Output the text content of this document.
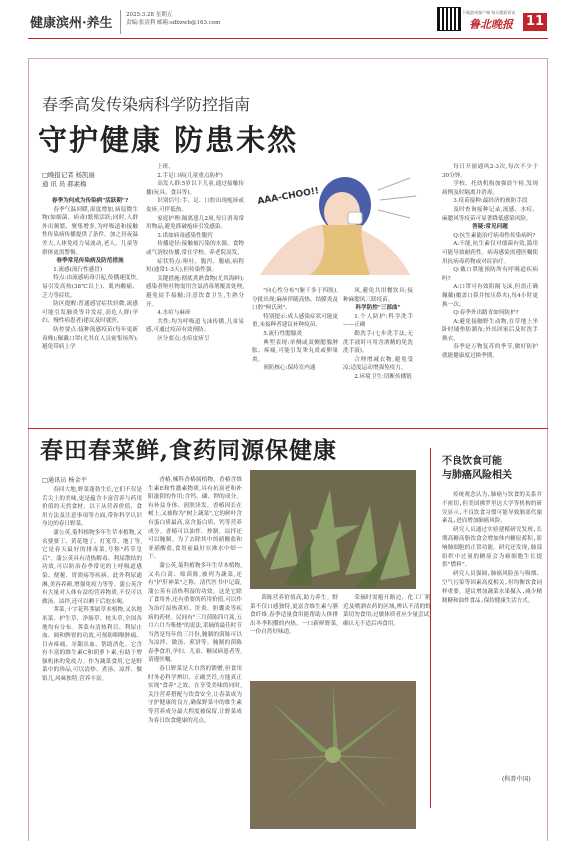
健康滨州·养生
2025.3.28 星期五
责编:张清利 邮箱:sdbzwb@163.com
下载滨州客户端 每天精彩资讯
鲁北晚报 11
春季高发传染病科学防控指南
守护健康 防患未然
□晚报记者 杨凯丽
通 讯 员 郝素梅

春季为何成为传染病"活跃期"?

春季气温回暖,湿度增加,病原微生物(如细菌、病毒)繁殖活跃;同时,人群外出频繁、聚集增多,为呼吸道和接触性传染病传播提供了条件。加之昼夜温差大,人体免疫力易波动,老人、儿童等群体更需警惕。

春季常见传染病及防范措施

1.流感(流行性感冒)

特点:由流感病毒引起,传播速度快,易引发高热(38℃以上)、肌肉酸痛、乏力等症状。

防区提醒:普通感冒症状轻微,流感可能引发肺炎等并发症,高危人群(孕妇、慢性病患者)建议及时就医。

防控要点:接种流感疫苗(每年更新毒株);佩戴口罩(尤其在人员密集场所);避免带病上学

上班。

2.手足口病(儿童重点防护)

高发人群:5岁以下儿童,通过接触传播(玩具、食具等)。

识别信号:手、足、口腔出现疱疹或皮疹,可伴低热。

家庭护理:隔离患儿2周,每日消毒常用物品,避免抓破疱疹引发感染。

3.诺如病毒感染性腹泻

传播途径:接触被污染的水源、食物或气溶胶传播,常在学校、养老院高发。

症状特点:呕吐、腹泻、腹痛,病程短(通常1-3天),但传染性强。

关键措施:彻底煮熟食物(尤其海鲜);感染者呕吐物需用含氯消毒剂覆盖处理,避免徒手接触;注意饮食卫生,生熟分开。

4.水痘与麻疹

共性:均为呼吸道飞沫传播,儿童易感,可通过疫苗有效预防。

区分要点:水痘皮疹呈

AAA-CHOO!!

"向心性分布"(躯干多于四肢),分批出现;麻疹伴随高热、结膜炎及口腔"柯氏斑"。

特别提示:成人感染症状可能更重,未接种者建议补种疫苗。

5.流行性腮腺炎

典型表现:单侧或双侧腮腺肿胀、疼痛,可能引发睾丸炎或卵巢炎。

预防核心:保持室内通

风,避免共用餐饮具;接种麻腮风三联疫苗。

科学防控"三部曲"

1.个人防护:科学洗手——正确

勤洗手(七步洗手法,无洗手液时可用含酒精的免洗洗手液)。

合理增减衣物,避免受凉;适度运动增强免疫力。

2.环境卫生:切断传播链

每日开窗通风2-3次,每次不少于30分钟。

学校、托幼机构加强晨午检,发现病例及时隔离并消毒。

3.疫苗接种:最经济的预防手段

及时查询接种记录,流感、水痘、麻腮风等疫苗可显著降低感染风险。

答疑:常见问题

Q:抗生素能治疗病毒性传染病吗?

A:不能,抗生素仅对细菌有效,滥用可能导致耐药性。病毒感染需遵医嘱使用抗病毒药物或对症治疗。

Q:戴口罩能预防所有呼吸道疾病吗?

A:口罩可有效阻隔飞沫,但需正确佩戴(覆盖口鼻并按压鼻夹),每4小时更换一次。

Q:春季外出踏青如何防护?

A:避免接触野生动物,在草地上坐卧时铺垫防潮布;外出回家后及时洗手换衣。

春季是万物复苏的季节,做好防护就能健康度过换季期。

春田春菜鲜,食药同源保健康
□通讯员 杨金平

春回大地,野菜蓬勃生长,它们不仅是舌尖上的美味,更是蕴含丰富营养与药用价值的天然食材。以下从营养价值、食用方法及注意事项等方面,带你科学认识身边的春日野菜。

蒲公英,菊科植物多年生草本植物,又名婆婆丁、黄花地丁、灯笼草、地丁等,它是春天最好的排毒菜,号称"药草皇后"。蒲公英具有清热解毒、利尿散结的功效,可以防治春季常见的上呼吸道感染、便秘、胃溃疡等疾病。此外利尿通淋,美容养颜,增强免疫力等等。蒲公英含有大量对人体有益的营养物质,不仅可以做汤、凉拌,还可以晒干后泡水喝。

荠菜,十字花科荠属草本植物,又名地米菜、护生草、净肠草、枕头草,全国各地均有分布。荠菜有清热利目、利尿止血、调和脾胃的功效,可预防咽喉肿痛、目赤疼痛、牙龈出血、帮助消化。它含有丰富的维生素C和胡萝卜素,有助于增强机体的免疫力。作为蔬菜食用,它是野菜中的珍品,可以清炒、煮汤、凉拌、做馅儿,风味独特,营养丰富。

香椿,楝科香椿属植物。香椿含维生素E和性激素物质,具有抗衰老和补阳滋阴的作用;含钙、磷、钾的成分。有补益身体、润肤泽发、香椿因长在树上,又被称为"树上蔬菜",它的鲜叶含有蛋白质最高,富含蛋白质、钙等营养成分。香椿可以油炸、炒制、凉拌还可以腌制。为了去除其中的硝酸盐和亚硝酸盐,食用前最好在沸水中焯一下。

蒲公英,菊科植物多年生草本植物,又名白蒿、绵茵陈,被列为蔬菜,还有"护肝神菜"之称。清代医书中记载,蒲公英有清热利湿的功效。这是它除了食用外,还有重要的药用价值,可以作为治疗湿热黄疸、肝炎、胆囊炎等疾病的药材。民间有"三月茵陈四月蒿,五月六月当柴烧"的说法,采摘的最佳时节当然是每年的三月份,腌制的茵陈可以为凉拌、做汤、煎饼等。腌制的茵陈春季食用,孕妇、儿童、糖尿病患者等,请遵医嘱。

春日野菜是大自然的馈赠,但食用时务必科学辨识、正确烹饪,方能真正实现"食养"之效。在享受美味的同时,关注营养搭配与饮食安全,让春菜成为守护健康的良方,确保野菜中的维生素等营养成分最大程度被保留,让野菜成为春日饮食健康的亮点。

茵陈营养价值高,助力养生。野菜不仅口感独特,更富含维生素与膳食纤维,春季适量食用能帮助人体排出冬季积攒的内热。一口新鲜野菜,一份自然好味道。

采摘时需避开路边、化工厂附近及喷洒农药的区域,辨认不清的野菜切勿食用;过敏体质者应少量尝试,确认无不适后再食用。

不良饮食可能
与肺癌风险相关

传统观念认为,肺癌与饮食的关系并不密切,但美国佛罗里达大学等机构的研究显示,不良饮食习惯可能导致肺部代谢紊乱,进而增加肺癌风险。

研究人员通过实验建模研究发现,长期高糖高脂饮食会增加体内糖原蓄积,影响肺细胞的正常功能。研究还发现,肺部组织中过量的糖原会为癌细胞生长提供"燃料"。

研究人员强调,肺癌风险虽与吸烟、空气污染等因素高度相关,但均衡饮食同样重要。建议增加蔬菜水果摄入,减少精制糖和油炸食品,保持健康生活方式。

(科普中国)
